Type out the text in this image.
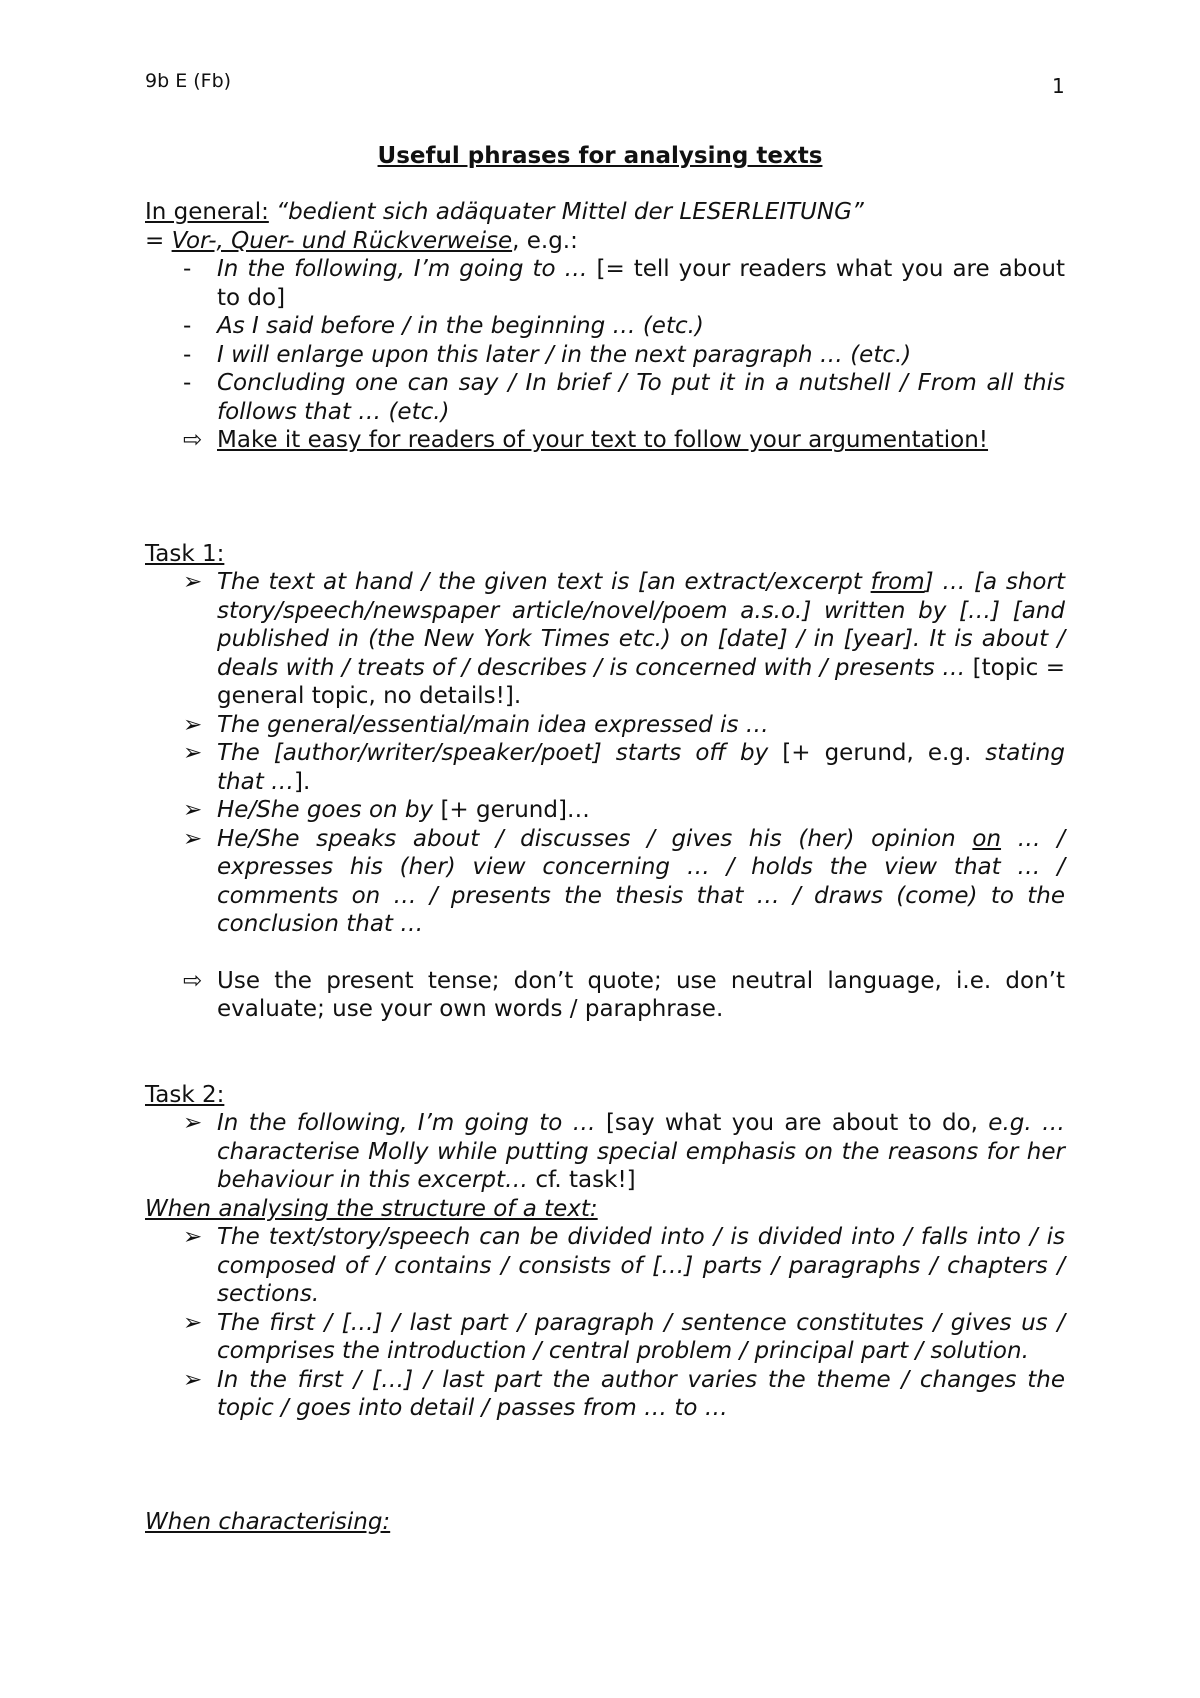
9b E (Fb)	1
Useful phrases for analysing texts

In general: “bedient sich adäquater Mittel der LESERLEITUNG”

= Vor-, Quer- und Rückverweise, e.g.:

-	In the following, I’m going to … [= tell your readers what you are about to do]
-	As I said before / in the beginning … (etc.)
-	I will enlarge upon this later / in the next paragraph … (etc.)
-	Concluding one can say / In brief / To put it in a nutshell / From all this follows that … (etc.)
⇨ Make it easy for readers of your text to follow your argumentation!

Task 1:

➢ The text at hand / the given text is [an extract/excerpt from] … [a short story/speech/newspaper article/novel/poem a.s.o.] written by […] [and published in (the New York Times etc.) on [date] / in [year]. It is about / deals with / treats of / describes / is concerned with / presents … [topic = general topic, no details!].
➢ The general/essential/main idea expressed is …
➢ The [author/writer/speaker/poet] starts off by [+ gerund, e.g. stating that …].
➢ He/She goes on by [+ gerund]…
➢ He/She speaks about / discusses / gives his (her) opinion on … / expresses his (her) view concerning … / holds the view that … / comments on … / presents the thesis that … / draws (come) to the conclusion that …
⇨ Use the present tense; don’t quote; use neutral language, i.e. don’t evaluate; use your own words / paraphrase.

Task 2:

➢ In the following, I’m going to … [say what you are about to do, e.g. … characterise Molly while putting special emphasis on the reasons for her behaviour in this excerpt… cf. task!]

When analysing the structure of a text:

➢ The text/story/speech can be divided into / is divided into / falls into / is composed of / contains / consists of […] parts / paragraphs / chapters / sections.
➢ The first / […] / last part / paragraph / sentence constitutes / gives us / comprises the introduction / central problem / principal part / solution.
➢ In the first / […] / last part the author varies the theme / changes the topic / goes into detail / passes from … to …

When characterising:
